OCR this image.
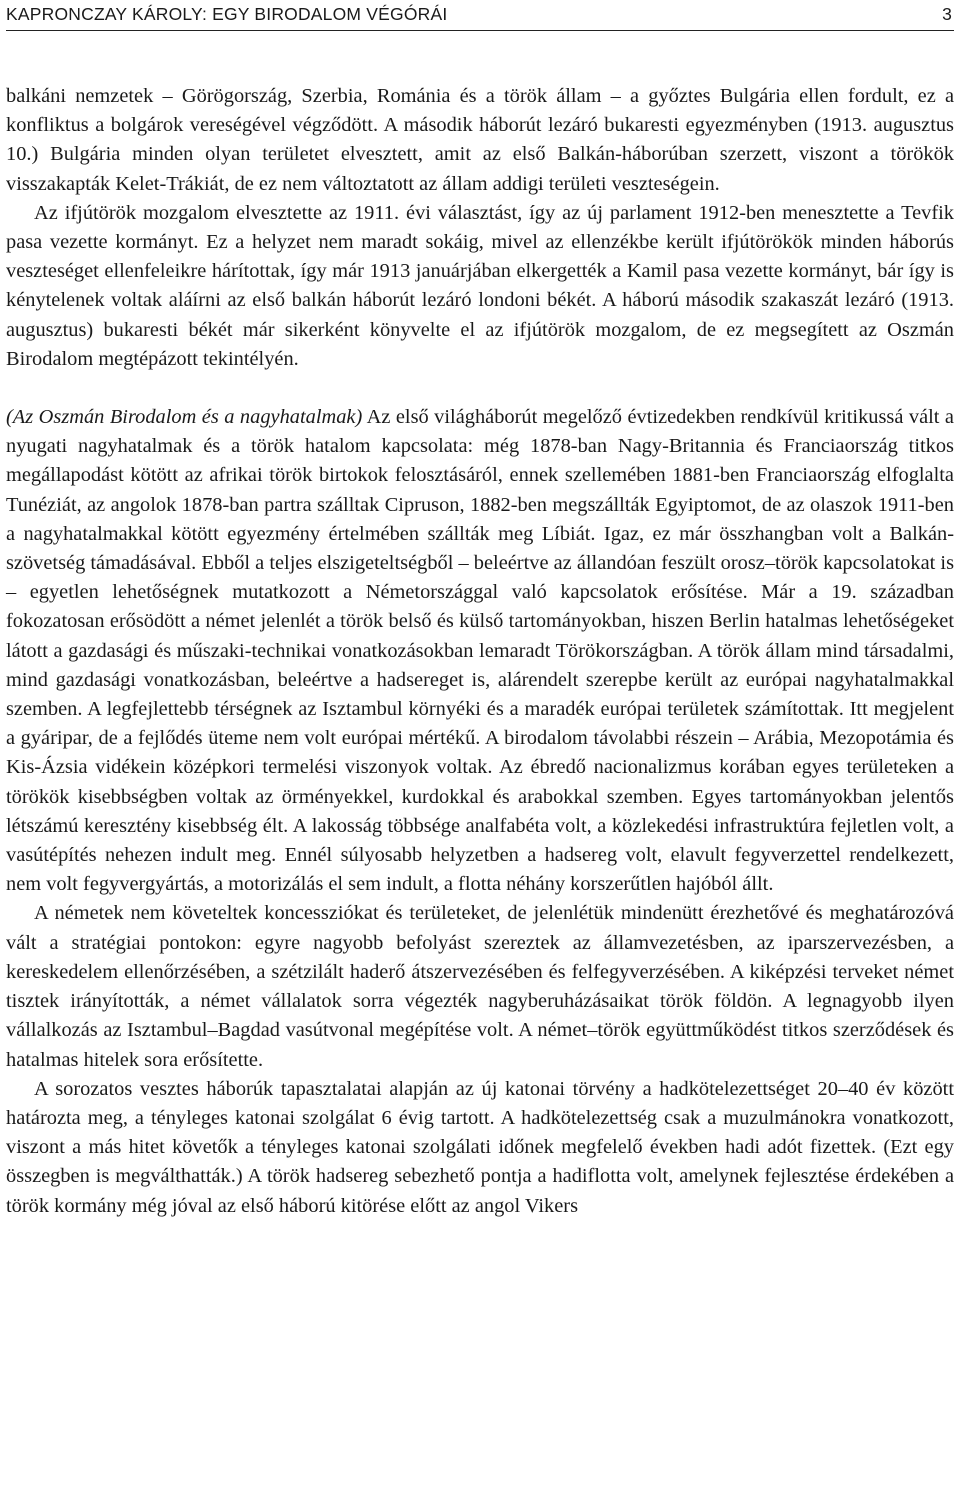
KAPRONCZAY KÁROLY: EGY BIRODALOM VÉGÓRÁI	3

balkáni nemzetek – Görögország, Szerbia, Románia és a török állam – a győztes Bulgária ellen fordult, ez a konfliktus a bolgárok vereségével végződött. A második háborút lezáró bukaresti egyezményben (1913. augusztus 10.) Bulgária minden olyan területet elvesztett, amit az első Balkán-háborúban szerzett, viszont a törökök visszakapták Kelet-Trákiát, de ez nem változtatott az állam addigi területi veszteségein.

Az ifjútörök mozgalom elvesztette az 1911. évi választást, így az új parlament 1912-ben menesztette a Tevfik pasa vezette kormányt. Ez a helyzet nem maradt sokáig, mivel az ellenzékbe került ifjútörökök minden háborús veszteséget ellenfeleikre hárítottak, így már 1913 januárjában elkergették a Kamil pasa vezette kormányt, bár így is kénytelenek voltak aláírni az első balkán háborút lezáró londoni békét. A háború második szakaszát lezáró (1913. augusztus) bukaresti békét már sikerként könyvelte el az ifjútörök mozgalom, de ez megsegített az Oszmán Birodalom megtépázott tekintélyén.

(Az Oszmán Birodalom és a nagyhatalmak) Az első világháborút megelőző évtizedekben rendkívül kritikussá vált a nyugati nagyhatalmak és a török hatalom kapcsolata: még 1878-ban Nagy-Britannia és Franciaország titkos megállapodást kötött az afrikai török birtokok felosztásáról, ennek szellemében 1881-ben Franciaország elfoglalta Tunéziát, az angolok 1878-ban partra szálltak Cipruson, 1882-ben megszállták Egyiptomot, de az olaszok 1911-ben a nagyhatalmakkal kötött egyezmény értelmében szállták meg Líbiát. Igaz, ez már összhangban volt a Balkán-szövetség támadásával. Ebből a teljes elszigeteltségből – beleértve az állandóan feszült orosz–török kapcsolatokat is – egyetlen lehetőségnek mutatkozott a Németországgal való kapcsolatok erősítése. Már a 19. században fokozatosan erősödött a német jelenlét a török belső és külső tartományokban, hiszen Berlin hatalmas lehetőségeket látott a gazdasági és műszaki-technikai vonatkozásokban lemaradt Törökországban. A török állam mind társadalmi, mind gazdasági vonatkozásban, beleértve a hadsereget is, alárendelt szerepbe került az európai nagyhatalmakkal szemben. A legfejlettebb térségnek az Isztambul környéki és a maradék európai területek számítottak. Itt megjelent a gyáripar, de a fejlődés üteme nem volt európai mértékű. A birodalom távolabbi részein – Arábia, Mezopotámia és Kis-Ázsia vidékein középkori termelési viszonyok voltak. Az ébredő nacionalizmus korában egyes területeken a törökök kisebbségben voltak az örményekkel, kurdokkal és arabokkal szemben. Egyes tartományokban jelentős létszámú keresztény kisebbség élt. A lakosság többsége analfabéta volt, a közlekedési infrastruktúra fejletlen volt, a vasútépítés nehezen indult meg. Ennél súlyosabb helyzetben a hadsereg volt, elavult fegyverzettel rendelkezett, nem volt fegyvergyártás, a motorizálás el sem indult, a flotta néhány korszerűtlen hajóból állt.

A németek nem követeltek koncessziókat és területeket, de jelenlétük mindenütt érezhetővé és meghatározóvá vált a stratégiai pontokon: egyre nagyobb befolyást szereztek az államvezetésben, az iparszervezésben, a kereskedelem ellenőrzésében, a szétzilált haderő átszervezésében és felfegyverzésében. A kiképzési terveket német tisztek irányították, a német vállalatok sorra végezték nagyberuházásaikat török földön. A legnagyobb ilyen vállalkozás az Isztambul–Bagdad vasútvonal megépítése volt. A német–török együttműködést titkos szerződések és hatalmas hitelek sora erősítette.

A sorozatos vesztes háborúk tapasztalatai alapján az új katonai törvény a hadkötelezettséget 20–40 év között határozta meg, a tényleges katonai szolgálat 6 évig tartott. A hadkötelezettség csak a muzulmánokra vonatkozott, viszont a más hitet követők a tényleges katonai szolgálati időnek megfelelő években hadi adót fizettek. (Ezt egy összegben is megválthatták.) A török hadsereg sebezhető pontja a hadiflotta volt, amelynek fejlesztése érdekében a török kormány még jóval az első háború kitörése előtt az angol Vikers
